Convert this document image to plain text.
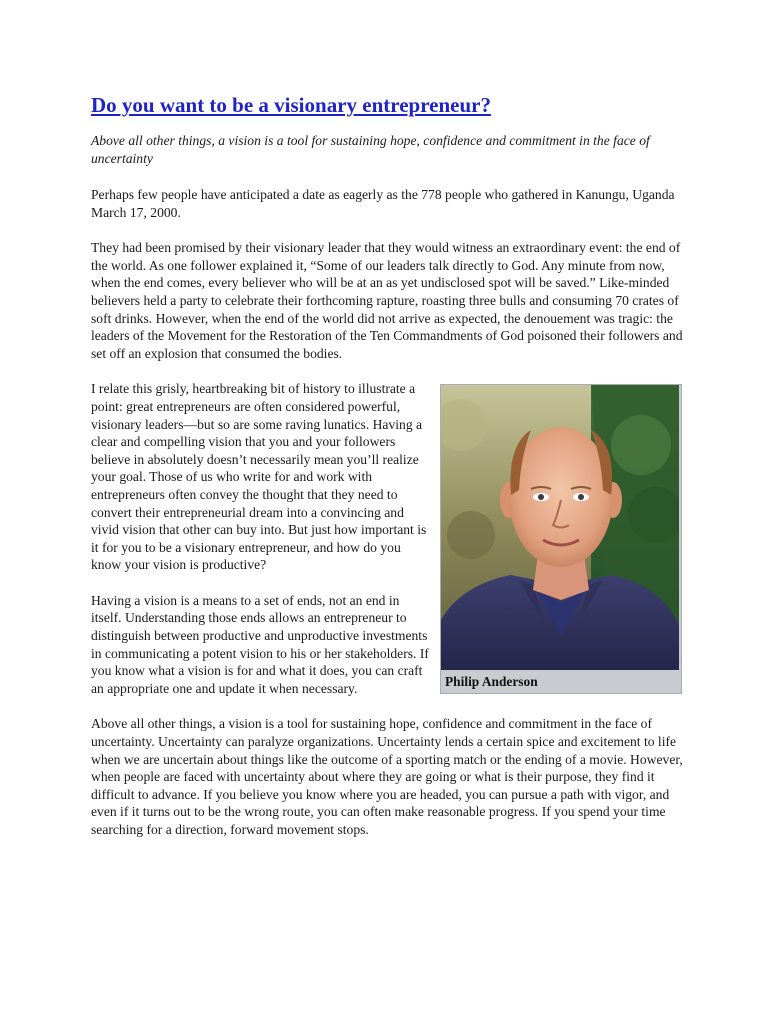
Do you want to be a visionary entrepreneur?

Above all other things, a vision is a tool for sustaining hope, confidence and commitment in the face of uncertainty

Perhaps few people have anticipated a date as eagerly as the 778 people who gathered in Kanungu, Uganda March 17, 2000.

They had been promised by their visionary leader that they would witness an extraordinary event: the end of the world. As one follower explained it, “Some of our leaders talk directly to God. Any minute from now, when the end comes, every believer who will be at an as yet undisclosed spot will be saved.” Like-minded believers held a party to celebrate their forthcoming rapture, roasting three bulls and consuming 70 crates of soft drinks. However, when the end of the world did not arrive as expected, the denouement was tragic: the leaders of the Movement for the Restoration of the Ten Commandments of God poisoned their followers and set off an explosion that consumed the bodies.

Philip Anderson

I relate this grisly, heartbreaking bit of history to illustrate a point: great entrepreneurs are often considered powerful, visionary leaders—but so are some raving lunatics. Having a clear and compelling vision that you and your followers believe in absolutely doesn’t necessarily mean you’ll realize your goal. Those of us who write for and work with entrepreneurs often convey the thought that they need to convert their entrepreneurial dream into a convincing and vivid vision that other can buy into. But just how important is it for you to be a visionary entrepreneur, and how do you know your vision is productive?

Having a vision is a means to a set of ends, not an end in itself. Understanding those ends allows an entrepreneur to distinguish between productive and unproductive investments in communicating a potent vision to his or her stakeholders. If you know what a vision is for and what it does, you can craft an appropriate one and update it when necessary.

Above all other things, a vision is a tool for sustaining hope, confidence and commitment in the face of uncertainty. Uncertainty can paralyze organizations. Uncertainty lends a certain spice and excitement to life when we are uncertain about things like the outcome of a sporting match or the ending of a movie. However, when people are faced with uncertainty about where they are going or what is their purpose, they find it difficult to advance. If you believe you know where you are headed, you can pursue a path with vigor, and even if it turns out to be the wrong route, you can often make reasonable progress. If you spend your time searching for a direction, forward movement stops.
